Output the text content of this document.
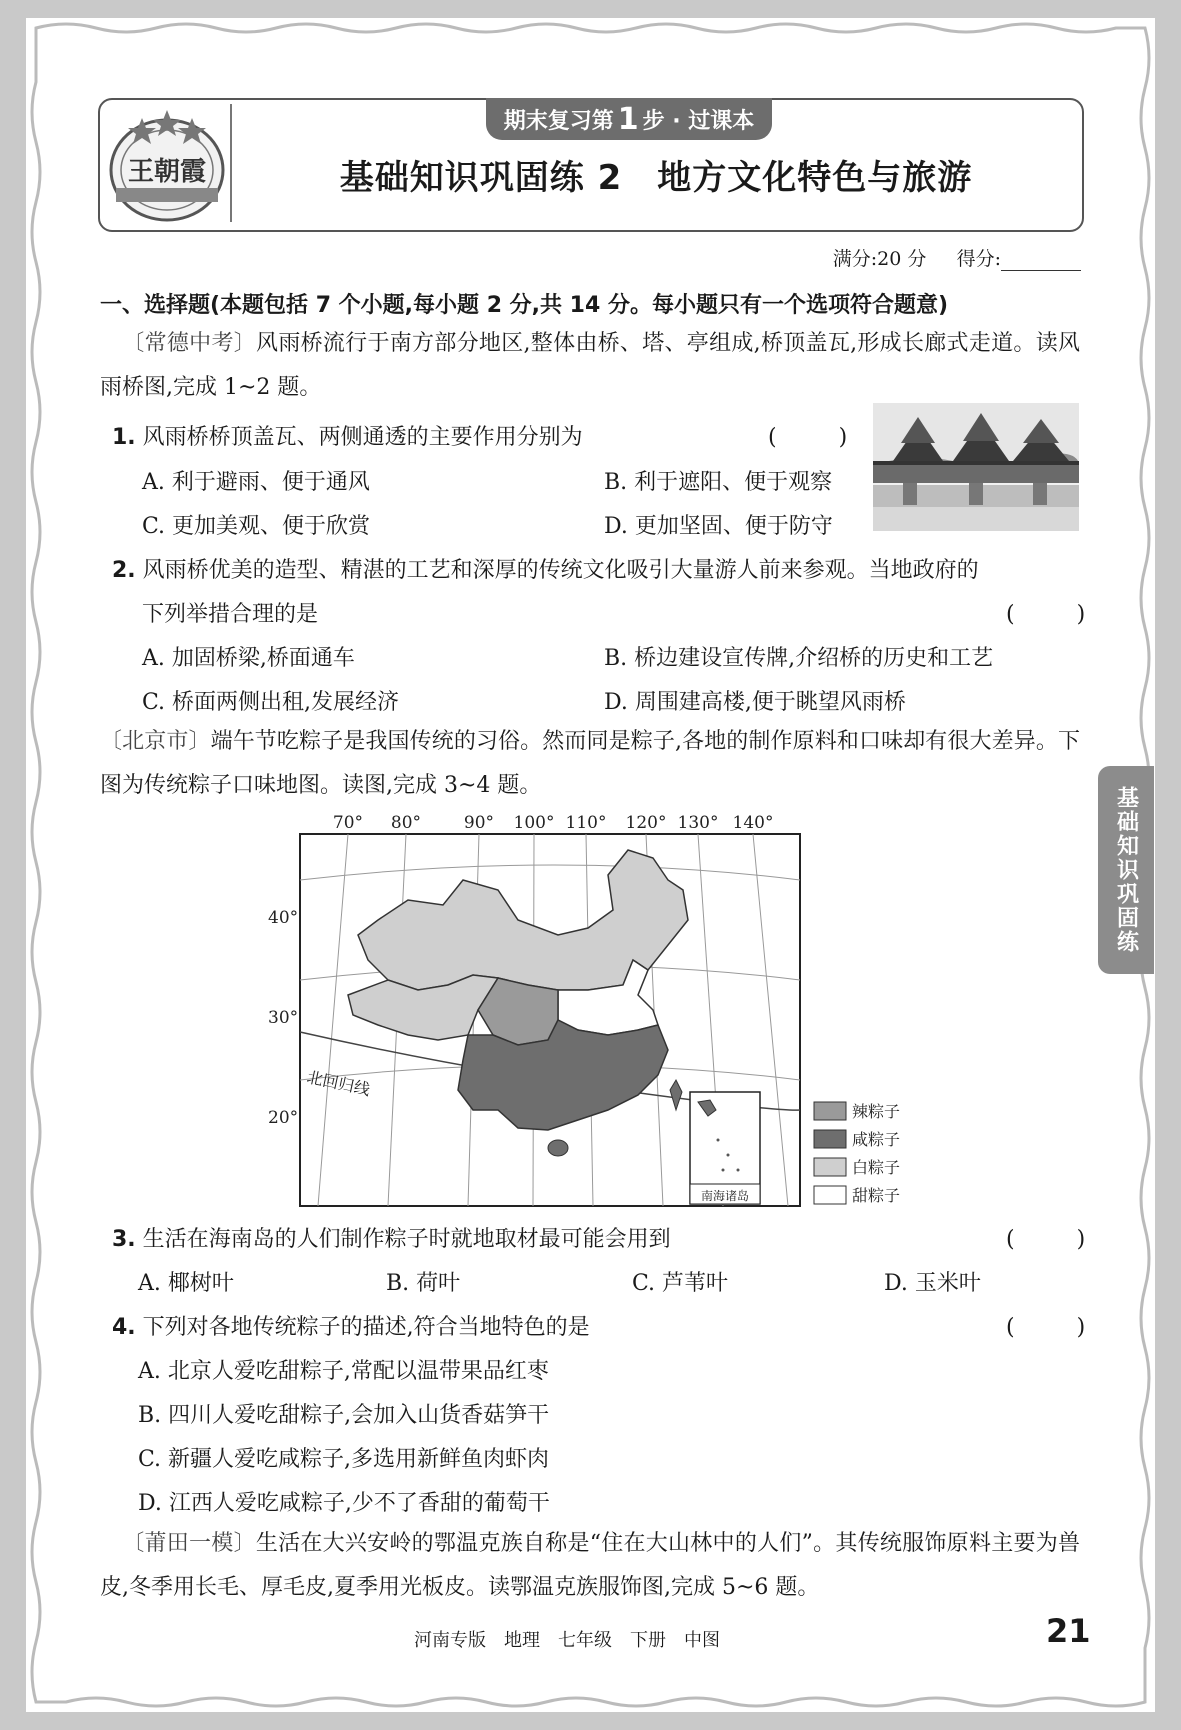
王朝霞
期末复习第 1 步 · 过课本
基础知识巩固练 2　地方文化特色与旅游
满分:20 分 得分:
一、选择题(本题包括 7 个小题,每小题 2 分,共 14 分。每小题只有一个选项符合题意)
〔常德中考〕风雨桥流行于南方部分地区,整体由桥、塔、亭组成,桥顶盖瓦,形成长廊式走道。读风雨桥图,完成 1~2 题。
1. 风雨桥桥顶盖瓦、两侧通透的主要作用分别为	(　)
A. 利于避雨、便于通风	B. 利于遮阳、便于观察
C. 更加美观、便于欣赏	D. 更加坚固、便于防守
2. 风雨桥优美的造型、精湛的工艺和深厚的传统文化吸引大量游人前来参观。当地政府的
下列举措合理的是	(　)
A. 加固桥梁,桥面通车	B. 桥边建设宣传牌,介绍桥的历史和工艺
C. 桥面两侧出租,发展经济	D. 周围建高楼,便于眺望风雨桥
〔北京市〕端午节吃粽子是我国传统的习俗。然而同是粽子,各地的制作原料和口味却有很大差异。下图为传统粽子口味地图。读图,完成 3~4 题。
70° 80°	90° 100° 110° 120° 130° 140°
40°
30°
20°
北回归线
南海诸岛
辣粽子
咸粽子
白粽子
甜粽子
3. 生活在海南岛的人们制作粽子时就地取材最可能会用到	(　)
A. 椰树叶	B. 荷叶	C. 芦苇叶	D. 玉米叶
4. 下列对各地传统粽子的描述,符合当地特色的是	(　)
A. 北京人爱吃甜粽子,常配以温带果品红枣
B. 四川人爱吃甜粽子,会加入山货香菇笋干
C. 新疆人爱吃咸粽子,多选用新鲜鱼肉虾肉
D. 江西人爱吃咸粽子,少不了香甜的葡萄干
〔莆田一模〕生活在大兴安岭的鄂温克族自称是“住在大山林中的人们”。其传统服饰原料主要为兽皮,冬季用长毛、厚毛皮,夏季用光板皮。读鄂温克族服饰图,完成 5~6 题。
基础知识巩固练
河南专版　地理　七年级　下册　中图	21
